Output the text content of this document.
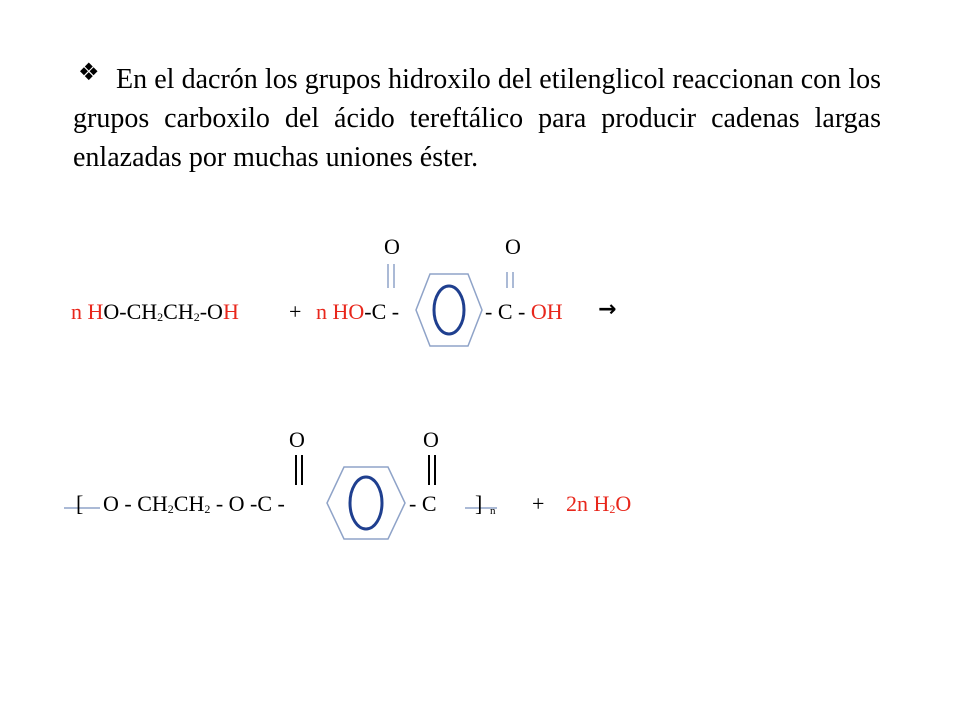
❖ En el dacrón los grupos hidroxilo del etilenglicol reaccionan con los grupos carboxilo del ácido tereftálico para producir cadenas largas enlazadas por muchas uniones éster.

O	O
n $HO-CH_2CH_2-OH + n$ HO-C -	- C - OH →
O	O
[ O - $CH_2CH_2$ - O -C -	- C ] n + 2n $H_2O$
